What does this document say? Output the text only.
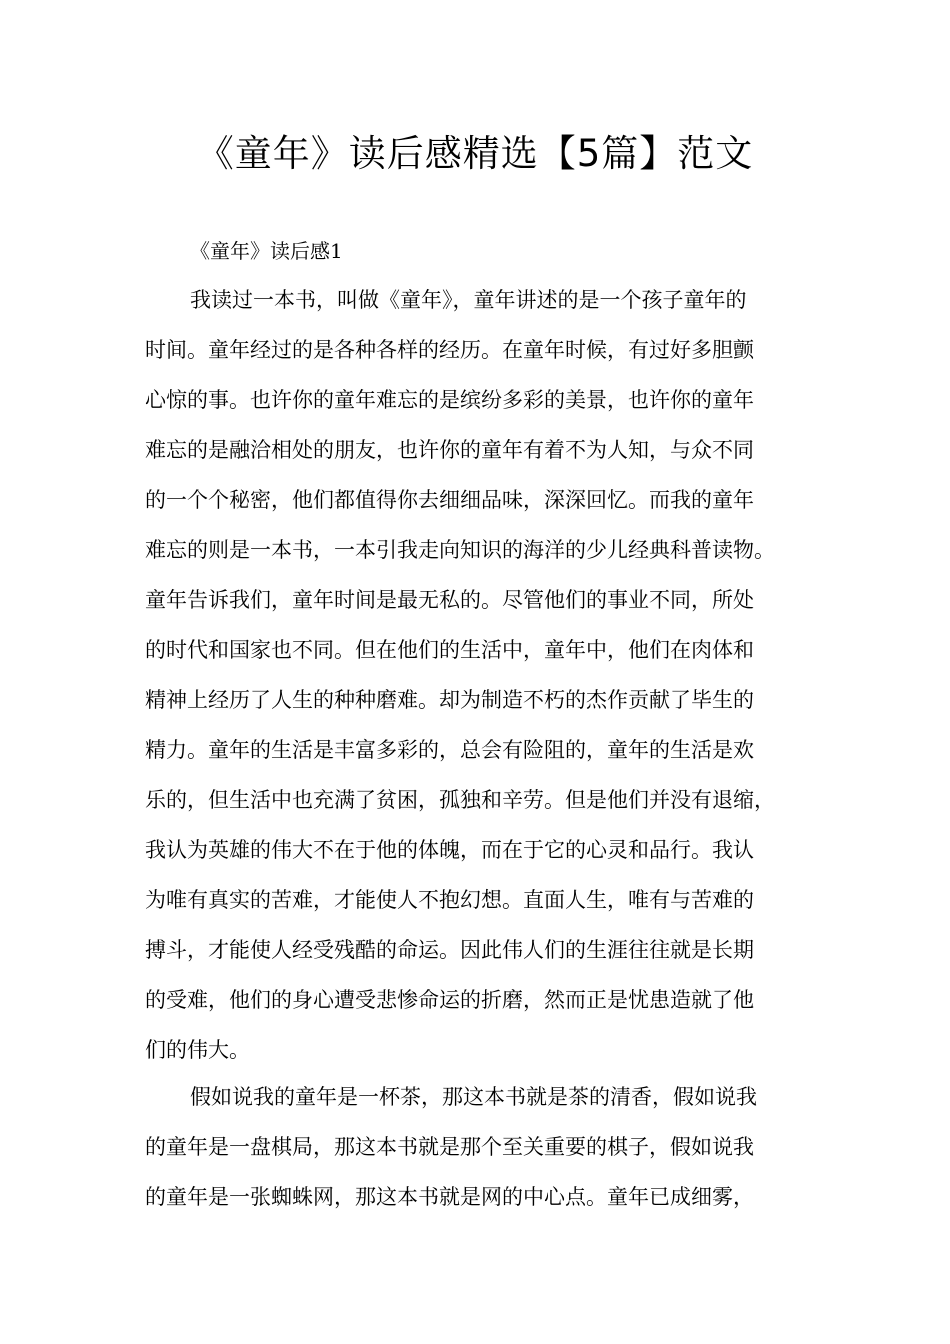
《童年》读后感精选【5篇】范文

《童年》读后感1

我读过一本书，叫做《童年》，童年讲述的是一个孩子童年的
时间。童年经过的是各种各样的经历。在童年时候，有过好多胆颤
心惊的事。也许你的童年难忘的是缤纷多彩的美景，也许你的童年
难忘的是融洽相处的朋友，也许你的童年有着不为人知，与众不同
的一个个秘密，他们都值得你去细细品味，深深回忆。而我的童年
难忘的则是一本书，一本引我走向知识的海洋的少儿经典科普读物。
童年告诉我们，童年时间是最无私的。尽管他们的事业不同，所处
的时代和国家也不同。但在他们的生活中，童年中，他们在肉体和
精神上经历了人生的种种磨难。却为制造不朽的杰作贡献了毕生的
精力。童年的生活是丰富多彩的，总会有险阻的，童年的生活是欢
乐的，但生活中也充满了贫困，孤独和辛劳。但是他们并没有退缩，
我认为英雄的伟大不在于他的体魄，而在于它的心灵和品行。我认
为唯有真实的苦难，才能使人不抱幻想。直面人生，唯有与苦难的
搏斗，才能使人经受残酷的命运。因此伟人们的生涯往往就是长期
的受难，他们的身心遭受悲惨命运的折磨，然而正是忧患造就了他
们的伟大。
假如说我的童年是一杯茶，那这本书就是茶的清香，假如说我
的童年是一盘棋局，那这本书就是那个至关重要的棋子，假如说我
的童年是一张蜘蛛网，那这本书就是网的中心点。童年已成细雾，
